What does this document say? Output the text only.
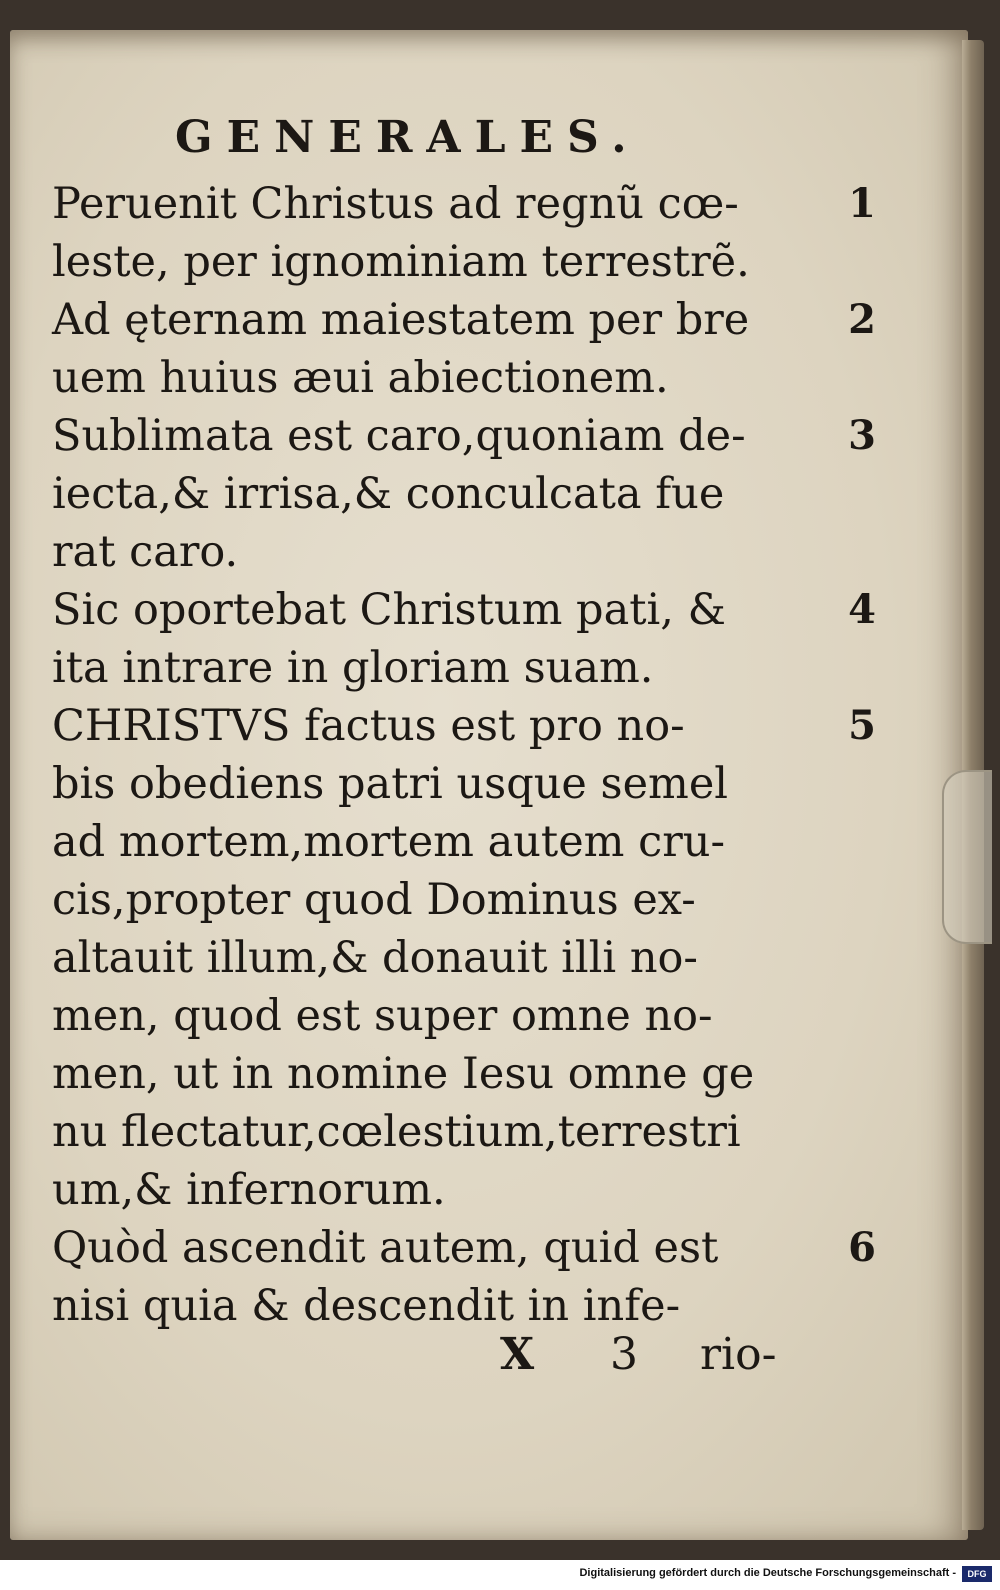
GENERALES.
Peruenit Christus ad regnũ cœ-	1
leste, per ignominiam terrestrẽ.
Ad ęternam maiestatem per bre	2
uem huius æui abiectionem.
Sublimata est caro,quoniam de-	3
iecta,& irrisa,& conculcata fue
rat caro.
Sic oportebat Christum pati, &	4
ita intrare in gloriam suam.
CHRISTVS factus est pro no-	5
bis obediens patri usque semel
ad mortem,mortem autem cru-
cis,propter quod Dominus ex-
altauit illum,& donauit illi no-
men, quod est super omne no-
men, ut in nomine Iesu omne ge
nu flectatur,cœlestium,terrestri
um,& infernorum.
Quòd ascendit autem, quid est	6
nisi quia & descendit in infe-
X	3 rio-
Digitalisierung gefördert durch die Deutsche Forschungsgemeinschaft -	DFG
